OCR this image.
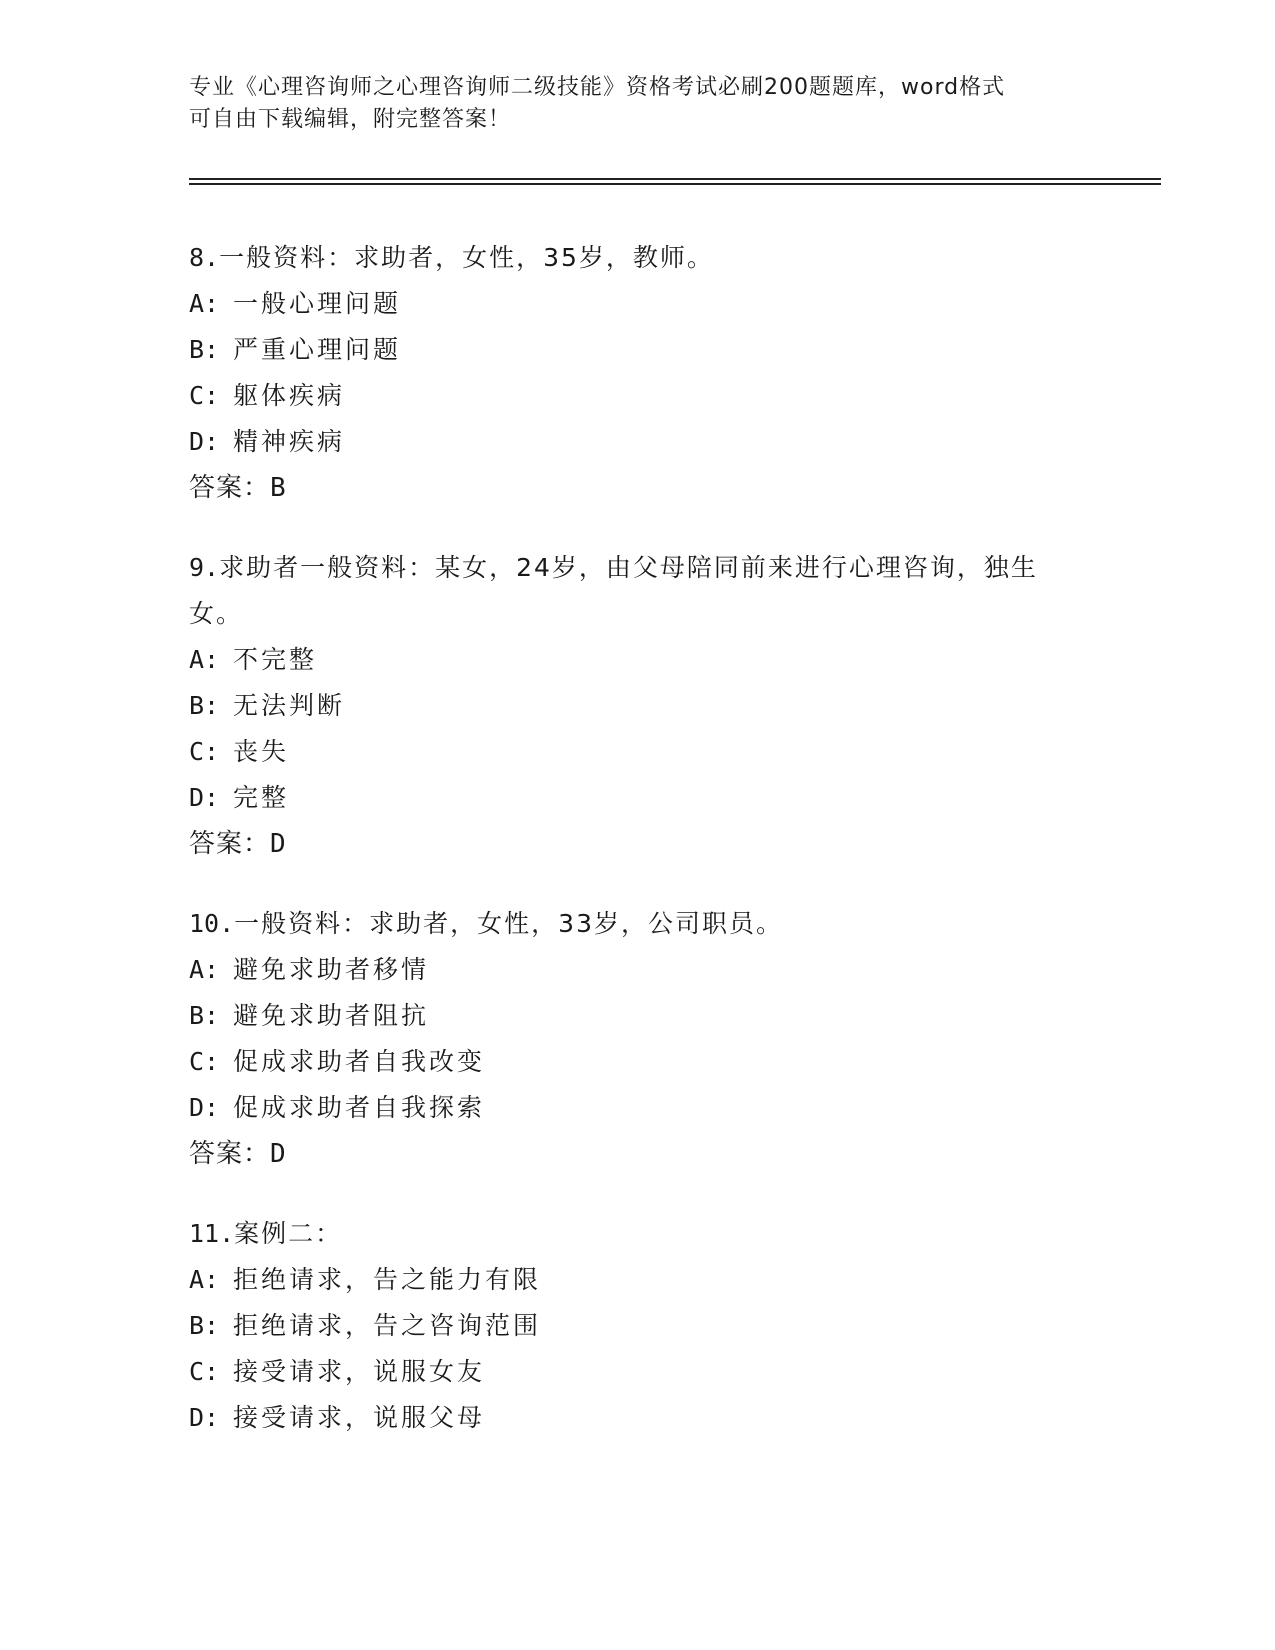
专业《心理咨询师之心理咨询师二级技能》资格考试必刷200题题库，word格式
可自由下载编辑，附完整答案！

8.一般资料：求助者，女性，35岁，教师。

A: 一般心理问题

B: 严重心理问题

C: 躯体疾病

D: 精神疾病

答案：B

9.求助者一般资料：某女，24岁，由父母陪同前来进行心理咨询，独生女。

A: 不完整

B: 无法判断

C: 丧失

D: 完整

答案：D

10.一般资料：求助者，女性，33岁，公司职员。

A: 避免求助者移情

B: 避免求助者阻抗

C: 促成求助者自我改变

D: 促成求助者自我探索

答案：D

11.案例二：

A: 拒绝请求，告之能力有限

B: 拒绝请求，告之咨询范围

C: 接受请求，说服女友

D: 接受请求，说服父母
